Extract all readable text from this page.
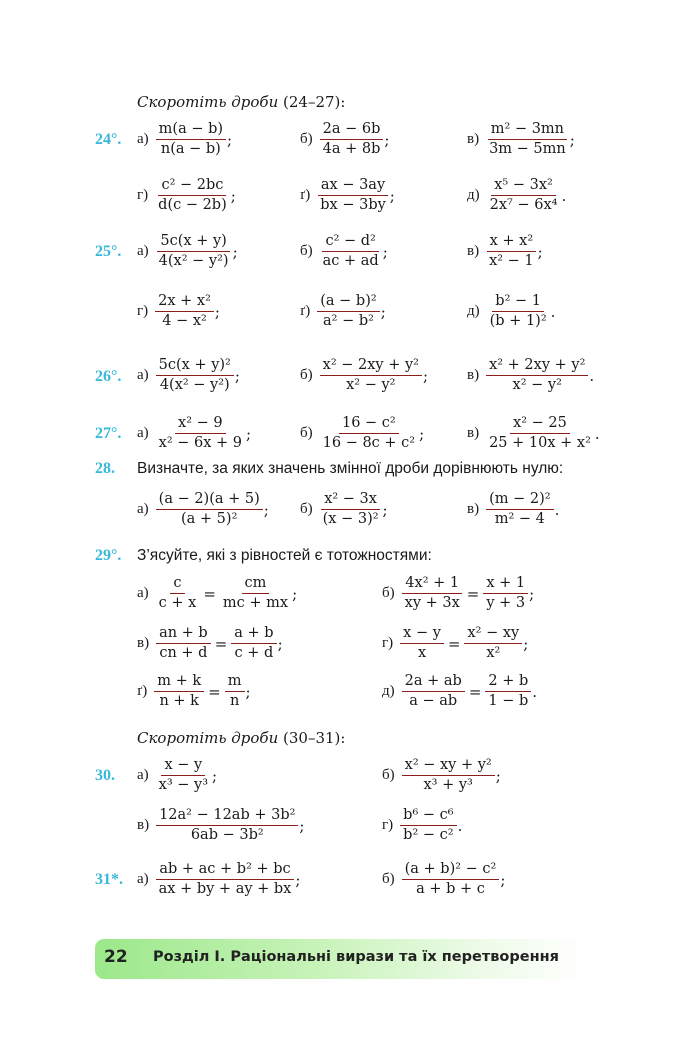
Скоротіть дроби (24–27):
24°. $а) \frac{m(a - b)}{n(a - b)}$ ;	$б) \frac{2a - 6b}{4a + 8b}$ ;	$в) \frac{\text{m² − 3mn}}{3m - 5mn}$ ;
$г) \frac{\text{c² − 2bc}}{d(c - 2b)}$ ;	$ґ) \frac{ax - 3ay}{bx - 3by}$ ;	$д) \frac{\text{x⁵ − 3x²}}{\text{2x⁷ − 6x⁴}}$ .
25°. $а) \frac{5c(x + y)}{\text{4(x² − y²)}}$ ;	$б) \frac{\text{c² − d²}}{ac + ad}$ ;	$в) \frac{\text{x + x²}}{\text{x² − 1}}$ ;
$г) \frac{\text{2x + x²}}{\text{4 − x²}}$ ;	$ґ) \frac{\text{(a − b)²}}{\text{a² − b²}}$ ;	$д) \frac{\text{b² − 1}}{\text{(b + 1)²}}$ .
26°. $а) \frac{\text{5c(x + y)²}}{\text{4(x² − y²)}}$ ;	$б) \frac{\text{x² − 2xy + y²}}{\text{x² − y²}}$ ;	$в) \frac{\text{x² + 2xy + y²}}{\text{x² − y²}}$ .
27°. $а) \frac{\text{x² − 9}}{\text{x² − 6x + 9}}$ ;	$б) \frac{\text{16 − c²}}{\text{16 − 8c + c²}}$ ;	$в) \frac{\text{x² − 25}}{\text{25 + 10x + x²}}$ .
28. Визначте, за яких значень змінної дроби дорівнюють нулю:
$а) \frac{(a - 2)(a + 5)}{\text{(a + 5)²}}$ ; $б) \frac{\text{x² − 3x}}{\text{(x − 3)²}}$ ;	$в) \frac{\text{(m − 2)²}}{\text{m² − 4}}$ .
29°. З’ясуйте, які з рівностей є тотожностями:
$а) \frac{c}{c + x} = \frac{cm}{mc + mx}$ ;	$б) \frac{\text{4x² + 1}}{xy + 3x} = \frac{x + 1}{y + 3}$ ;
$в) \frac{an + b}{cn + d} = \frac{a + b}{c + d}$ ;	$г) \frac{x - y}{x} = \frac{\text{x² − xy}}{\text{x²}}$ ;
$ґ) \frac{m + k}{n + k} = \frac{m}{n}$ ;	$д) \frac{2a + ab}{a - ab} = \frac{2 + b}{1 - b}$ .
Скоротіть дроби (30–31):
30. $а) \frac{x - y}{\text{x³ − y³}}$ ;	$б) \frac{\text{x² − xy + y²}}{\text{x³ + y³}}$ ;
$в) \frac{\text{12a² − 12ab + 3b²}}{\text{6ab − 3b²}}$ ;	$г) \frac{\text{b⁶ − c⁶}}{\text{b² − c²}}$ .
31*. $а) \frac{\text{ab + ac + b² + bc}}{ax + by + ay + bx}$ ;	$б) \frac{\text{(a + b)² − c²}}{a + b + c}$ ;
22 Розділ I. Раціональні вирази та їх перетворення
